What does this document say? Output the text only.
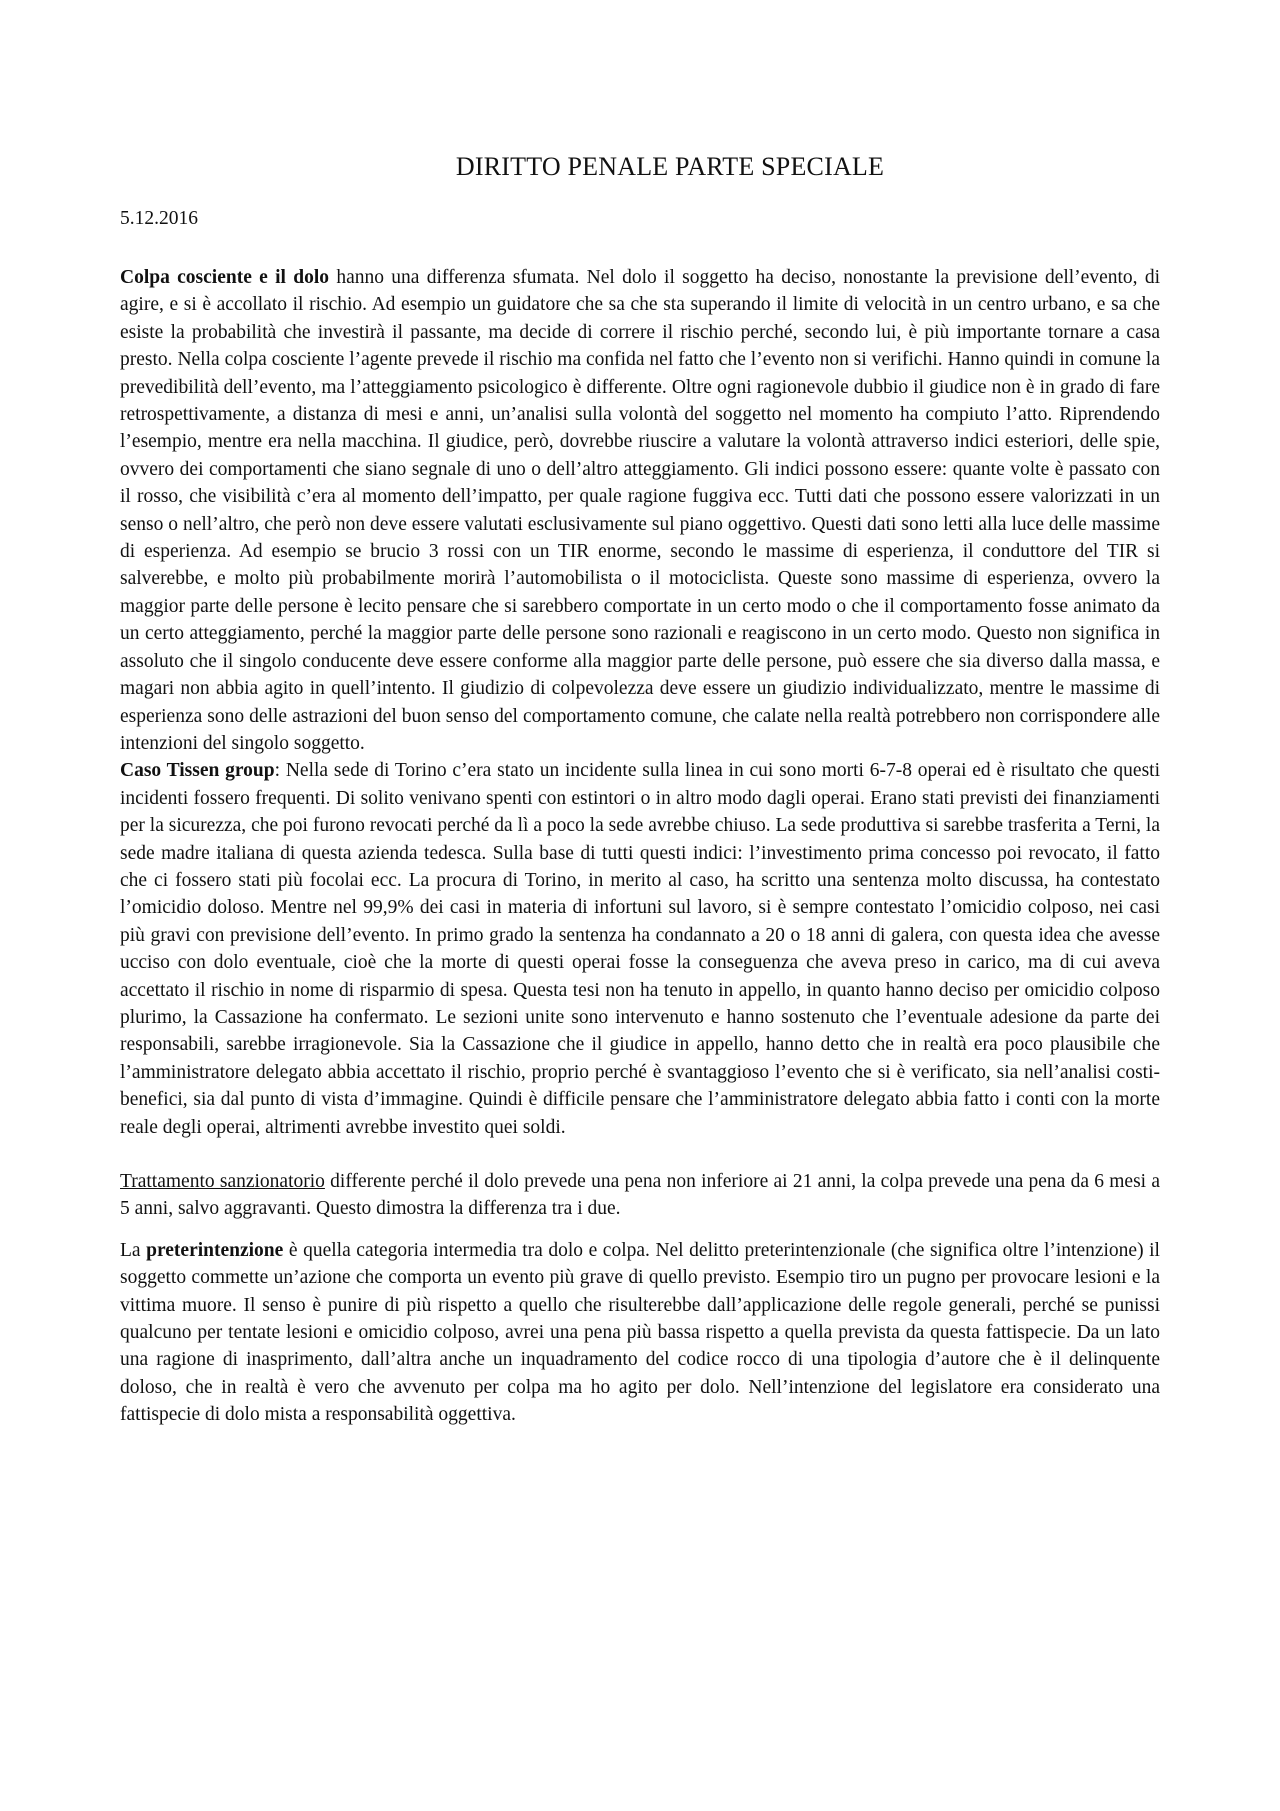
DIRITTO PENALE PARTE SPECIALE

5.12.2016

Colpa cosciente e il dolo hanno una differenza sfumata. Nel dolo il soggetto ha deciso, nonostante la previsione dell’evento, di agire, e si è accollato il rischio. Ad esempio un guidatore che sa che sta superando il limite di velocità in un centro urbano, e sa che esiste la probabilità che investirà il passante, ma decide di correre il rischio perché, secondo lui, è più importante tornare a casa presto. Nella colpa cosciente l’agente prevede il rischio ma confida nel fatto che l’evento non si verifichi. Hanno quindi in comune la prevedibilità dell’evento, ma l’atteggiamento psicologico è differente. Oltre ogni ragionevole dubbio il giudice non è in grado di fare retrospettivamente, a distanza di mesi e anni, un’analisi sulla volontà del soggetto nel momento ha compiuto l’atto. Riprendendo l’esempio, mentre era nella macchina. Il giudice, però, dovrebbe riuscire a valutare la volontà attraverso indici esteriori, delle spie, ovvero dei comportamenti che siano segnale di uno o dell’altro atteggiamento. Gli indici possono essere: quante volte è passato con il rosso, che visibilità c’era al momento dell’impatto, per quale ragione fuggiva ecc. Tutti dati che possono essere valorizzati in un senso o nell’altro, che però non deve essere valutati esclusivamente sul piano oggettivo. Questi dati sono letti alla luce delle massime di esperienza. Ad esempio se brucio 3 rossi con un TIR enorme, secondo le massime di esperienza, il conduttore del TIR si salverebbe, e molto più probabilmente morirà l’automobilista o il motociclista. Queste sono massime di esperienza, ovvero la maggior parte delle persone è lecito pensare che si sarebbero comportate in un certo modo o che il comportamento fosse animato da un certo atteggiamento, perché la maggior parte delle persone sono razionali e reagiscono in un certo modo. Questo non significa in assoluto che il singolo conducente deve essere conforme alla maggior parte delle persone, può essere che sia diverso dalla massa, e magari non abbia agito in quell’intento. Il giudizio di colpevolezza deve essere un giudizio individualizzato, mentre le massime di esperienza sono delle astrazioni del buon senso del comportamento comune, che calate nella realtà potrebbero non corrispondere alle intenzioni del singolo soggetto.

Caso Tissen group: Nella sede di Torino c’era stato un incidente sulla linea in cui sono morti 6-7-8 operai ed è risultato che questi incidenti fossero frequenti. Di solito venivano spenti con estintori o in altro modo dagli operai. Erano stati previsti dei finanziamenti per la sicurezza, che poi furono revocati perché da lì a poco la sede avrebbe chiuso. La sede produttiva si sarebbe trasferita a Terni, la sede madre italiana di questa azienda tedesca. Sulla base di tutti questi indici: l’investimento prima concesso poi revocato, il fatto che ci fossero stati più focolai ecc. La procura di Torino, in merito al caso, ha scritto una sentenza molto discussa, ha contestato l’omicidio doloso. Mentre nel 99,9% dei casi in materia di infortuni sul lavoro, si è sempre contestato l’omicidio colposo, nei casi più gravi con previsione dell’evento. In primo grado la sentenza ha condannato a 20 o 18 anni di galera, con questa idea che avesse ucciso con dolo eventuale, cioè che la morte di questi operai fosse la conseguenza che aveva preso in carico, ma di cui aveva accettato il rischio in nome di risparmio di spesa. Questa tesi non ha tenuto in appello, in quanto hanno deciso per omicidio colposo plurimo, la Cassazione ha confermato. Le sezioni unite sono intervenuto e hanno sostenuto che l’eventuale adesione da parte dei responsabili, sarebbe irragionevole. Sia la Cassazione che il giudice in appello, hanno detto che in realtà era poco plausibile che l’amministratore delegato abbia accettato il rischio, proprio perché è svantaggioso l’evento che si è verificato, sia nell’analisi costi-benefici, sia dal punto di vista d’immagine. Quindi è difficile pensare che l’amministratore delegato abbia fatto i conti con la morte reale degli operai, altrimenti avrebbe investito quei soldi.

Trattamento sanzionatorio differente perché il dolo prevede una pena non inferiore ai 21 anni, la colpa prevede una pena da 6 mesi a 5 anni, salvo aggravanti. Questo dimostra la differenza tra i due.

La preterintenzione è quella categoria intermedia tra dolo e colpa. Nel delitto preterintenzionale (che significa oltre l’intenzione) il soggetto commette un’azione che comporta un evento più grave di quello previsto. Esempio tiro un pugno per provocare lesioni e la vittima muore. Il senso è punire di più rispetto a quello che risulterebbe dall’applicazione delle regole generali, perché se punissi qualcuno per tentate lesioni e omicidio colposo, avrei una pena più bassa rispetto a quella prevista da questa fattispecie. Da un lato una ragione di inasprimento, dall’altra anche un inquadramento del codice rocco di una tipologia d’autore che è il delinquente doloso, che in realtà è vero che avvenuto per colpa ma ho agito per dolo. Nell’intenzione del legislatore era considerato una fattispecie di dolo mista a responsabilità oggettiva.
